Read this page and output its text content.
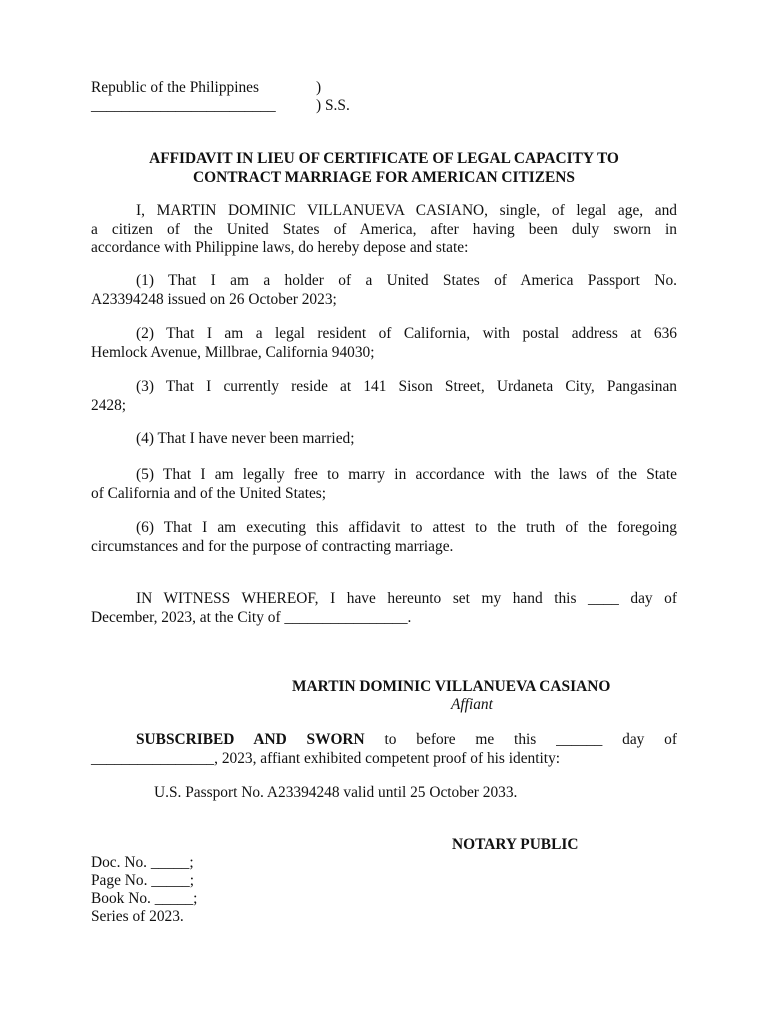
Republic of the Philippines
________________________
)
) S.S.
AFFIDAVIT IN LIEU OF CERTIFICATE OF LEGAL CAPACITY TO
CONTRACT MARRIAGE FOR AMERICAN CITIZENS
I, MARTIN DOMINIC VILLANUEVA CASIANO, single, of legal age, and
a citizen of the United States of America, after having been duly sworn in
accordance with Philippine laws, do hereby depose and state:
(1) That I am a holder of a United States of America Passport No.
A23394248 issued on 26 October 2023;
(2) That I am a legal resident of California, with postal address at 636
Hemlock Avenue, Millbrae, California 94030;
(3) That I currently reside at 141 Sison Street, Urdaneta City, Pangasinan
2428;
(4) That I have never been married;
(5) That I am legally free to marry in accordance with the laws of the State
of California and of the United States;
(6) That I am executing this affidavit to attest to the truth of the foregoing
circumstances and for the purpose of contracting marriage.
IN WITNESS WHEREOF, I have hereunto set my hand this ____ day of
December, 2023, at the City of ________________.
MARTIN DOMINIC VILLANUEVA CASIANO
Affiant
SUBSCRIBED AND SWORN to before me this ______ day of
________________, 2023, affiant exhibited competent proof of his identity:
U.S. Passport No. A23394248 valid until 25 October 2033.
NOTARY PUBLIC
Doc. No. _____;
Page No. _____;
Book No. _____;
Series of 2023.
